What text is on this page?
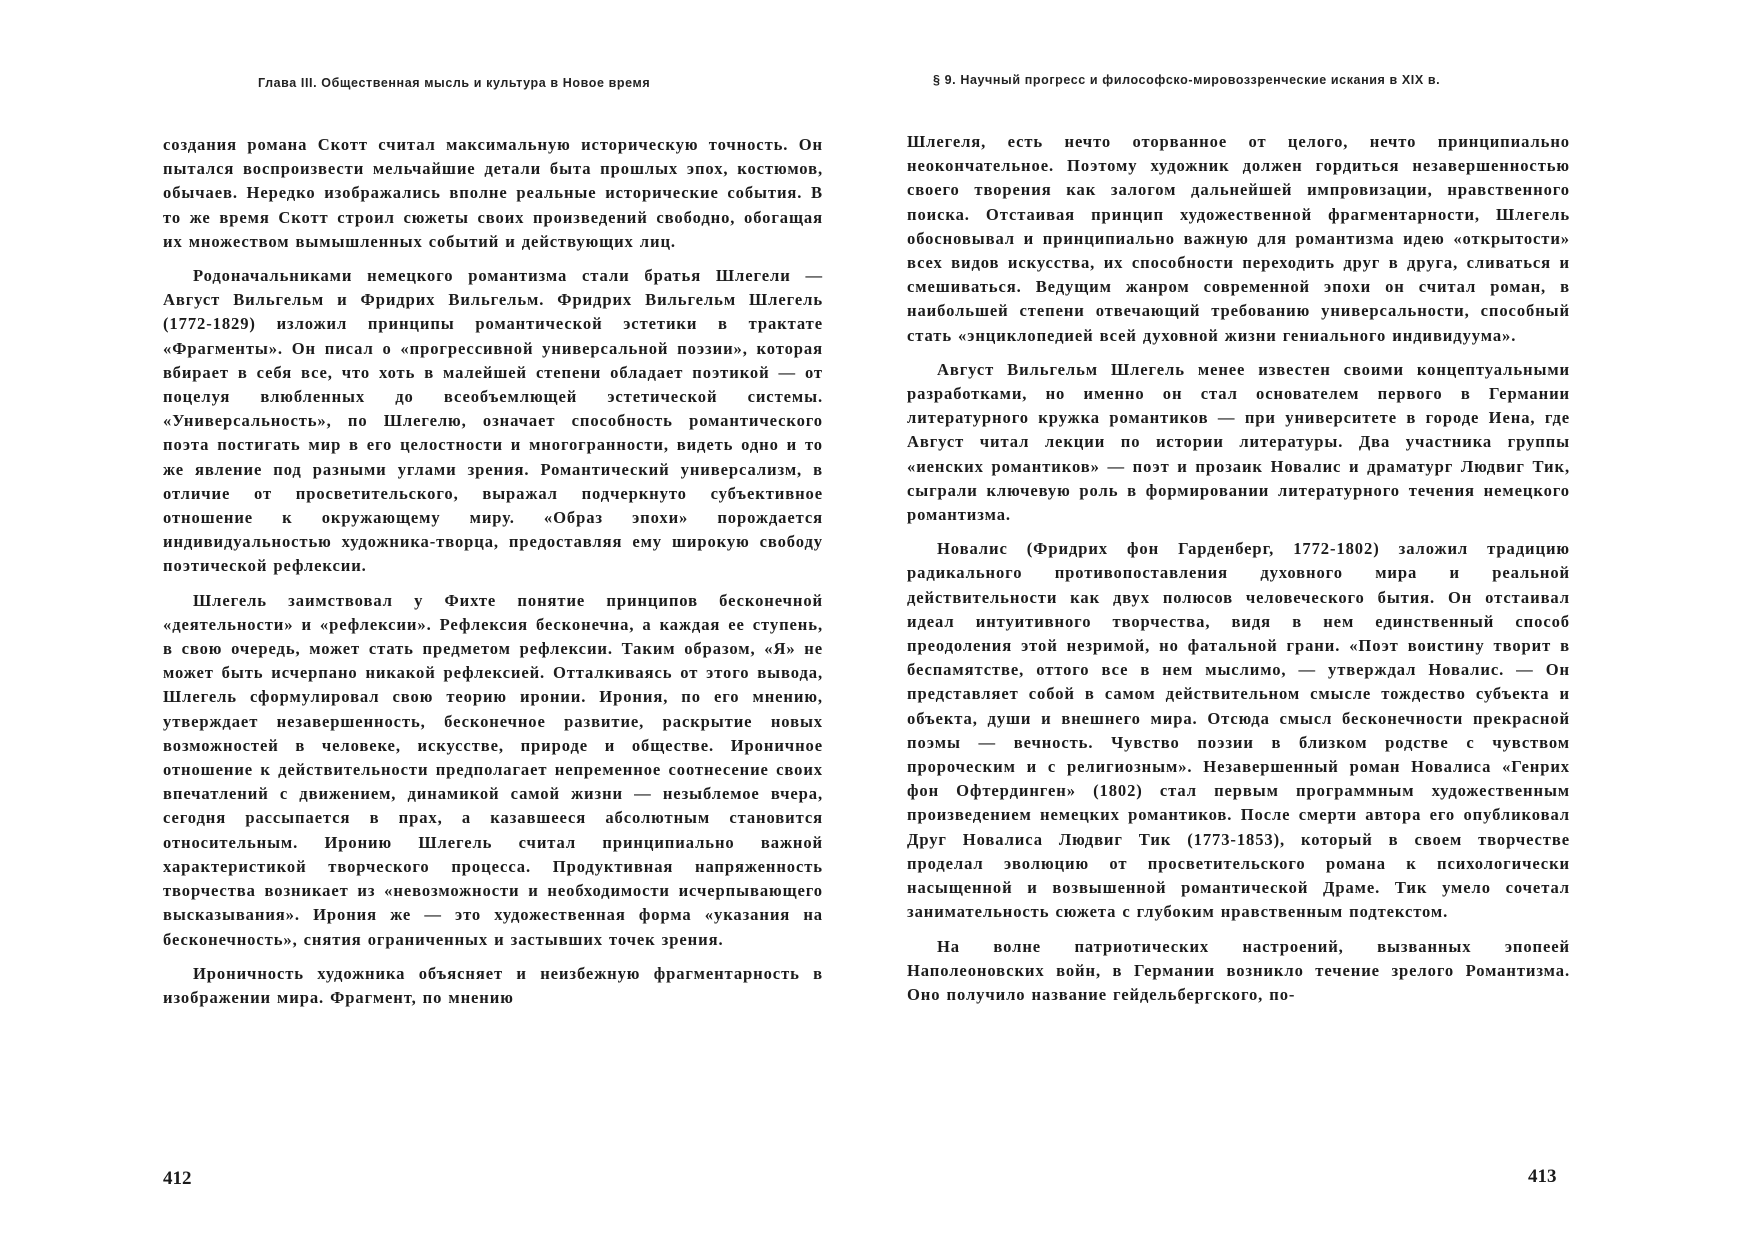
Глава III. Общественная мысль и культура в Новое время

создания романа Скотт считал максимальную историческую точность. Он пытался воспроизвести мельчайшие детали быта прошлых эпох, костюмов, обычаев. Нередко изображались вполне реальные исторические события. В то же время Скотт строил сюжеты своих произведений свободно, обогащая их множеством вымышленных событий и действующих лиц.

Родоначальниками немецкого романтизма стали братья Шлегели — Август Вильгельм и Фридрих Вильгельм. Фридрих Вильгельм Шлегель (1772-1829) изложил принципы романтической эстетики в трактате «Фрагменты». Он писал о «прогрессивной универсальной поэзии», которая вбирает в себя все, что хоть в малейшей степени обладает поэтикой — от поцелуя влюбленных до всеобъемлющей эстетической системы. «Универсальность», по Шлегелю, означает способность романтического поэта постигать мир в его целостности и многогранности, видеть одно и то же явление под разными углами зрения. Романтический универсализм, в отличие от просветительского, выражал подчеркнуто субъективное отношение к окружающему миру. «Образ эпохи» порождается индивидуальностью художника-творца, предоставляя ему широкую свободу поэтической рефлексии.

Шлегель заимствовал у Фихте понятие принципов бесконечной «деятельности» и «рефлексии». Рефлексия бесконечна, а каждая ее ступень, в свою очередь, может стать предметом рефлексии. Таким образом, «Я» не может быть исчерпано никакой рефлексией. Отталкиваясь от этого вывода, Шлегель сформулировал свою теорию иронии. Ирония, по его мнению, утверждает незавершенность, бесконечное развитие, раскрытие новых возможностей в человеке, искусстве, природе и обществе. Ироничное отношение к действительности предполагает непременное соотнесение своих впечатлений с движением, динамикой самой жизни — незыблемое вчера, сегодня рассыпается в прах, а казавшееся абсолютным становится относительным. Иронию Шлегель считал принципиально важной характеристикой творческого процесса. Продуктивная напряженность творчества возникает из «невозможности и необходимости исчерпывающего высказывания». Ирония же — это художественная форма «указания на бесконечность», снятия ограниченных и застывших точек зрения.

Ироничность художника объясняет и неизбежную фрагментарность в изображении мира. Фрагмент, по мнению

412
§ 9. Научный прогресс и философско-мировоззренческие искания в XIX в.

Шлегеля, есть нечто оторванное от целого, нечто принципиально неокончательное. Поэтому художник должен гордиться незавершенностью своего творения как залогом дальнейшей импровизации, нравственного поиска. Отстаивая принцип художественной фрагментарности, Шлегель обосновывал и принципиально важную для романтизма идею «открытости» всех видов искусства, их способности переходить друг в друга, сливаться и смешиваться. Ведущим жанром современной эпохи он считал роман, в наибольшей степени отвечающий требованию универсальности, способный стать «энциклопедией всей духовной жизни гениального индивидуума».

Август Вильгельм Шлегель менее известен своими концептуальными разработками, но именно он стал основателем первого в Германии литературного кружка романтиков — при университете в городе Иена, где Август читал лекции по истории литературы. Два участника группы «иенских романтиков» — поэт и прозаик Новалис и драматург Людвиг Тик, сыграли ключевую роль в формировании литературного течения немецкого романтизма.

Новалис (Фридрих фон Гарденберг, 1772-1802) заложил традицию радикального противопоставления духовного мира и реальной действительности как двух полюсов человеческого бытия. Он отстаивал идеал интуитивного творчества, видя в нем единственный способ преодоления этой незримой, но фатальной грани. «Поэт воистину творит в беспамятстве, оттого все в нем мыслимо, — утверждал Новалис. — Он представляет собой в самом действительном смысле тождество субъекта и объекта, души и внешнего мира. Отсюда смысл бесконечности прекрасной поэмы — вечность. Чувство поэзии в близком родстве с чувством пророческим и с религиозным». Незавершенный роман Новалиса «Генрих фон Офтердинген» (1802) стал первым программным художественным произведением немецких романтиков. После смерти автора его опубликовал Друг Новалиса Людвиг Тик (1773-1853), который в своем творчестве проделал эволюцию от просветительского романа к психологически насыщенной и возвышенной романтической Драме. Тик умело сочетал занимательность сюжета с глубоким нравственным подтекстом.

На волне патриотических настроений, вызванных эпопеей Наполеоновских войн, в Германии возникло течение зрелого Романтизма. Оно получило название гейдельбергского, по-

413
